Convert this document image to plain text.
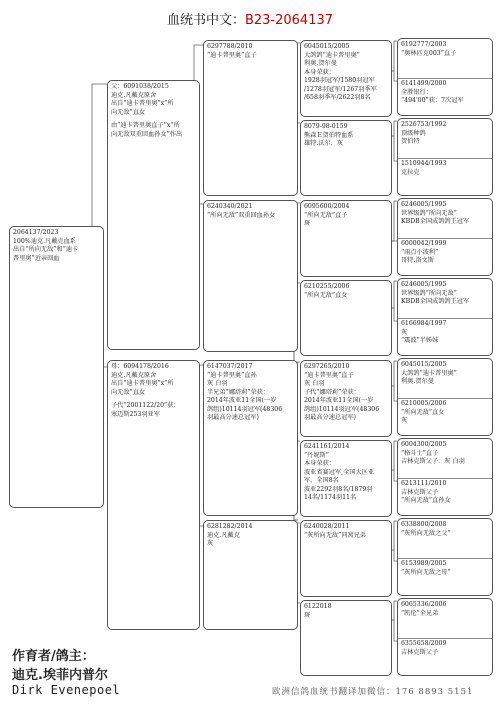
血统书中文：B23-2064137
2064137/2023
100%迪克.凡戴克血系
出自“所向无敌”和“迪卡
普里奥”近亲回血
父：6091038/2015
迪克.凡戴克原舍
出自“迪卡普里奥”x“所
向无敌”直女
由“迪卡普里奥直子”x“所
向无敌双重回血孙女”作出
母：6094178/2016
迪克.凡戴克原舍
出自“迪卡普里奥”x“所
向无敌”直女
子代“2001122/20”获：
塞迈斯253羽亚军
6297788/2010
“迪卡普里奥”直子
6240340/2021
“所向无敌”双重回血孙女
6147037/2017
“迪卡普里奥”直孙
灰 白羽
半兄弟“娜塔莉”荣获：
2014年波亚11全国(一岁
鸽组)10114羽冠军(48306
羽最高分速总冠军)
6281282/2014
迪克.凡戴克
灰
6045015/2005
大鸽鸽“迪卡普里奥”
利奥.贺尔曼
本身荣获：
1928羽冠军/1580羽冠军
/1278羽冠军/1267羽季军
/658羽季军/2622羽8名
8079-98-0159
熊森Ｅ贺伯特血系
雄特.沃尔．灰
6095600/2004
“所向无敌”直子
斑
6210255/2006
“所向无敌”直女
6297265/2010
“迪卡普里奥”直子
灰 白羽
子代“娜塔莉”荣获：
2014年波亚11全国(一岁
鸽组)10114羽冠军(48306
羽最高分速总冠军)
6241161/2014
“丹妮斯”
本身荣获：
波亚省赛冠军,全国大区亚
军，全国8名
波亚2292羽8名/1879羽
14名/1174羽11名
6240028/2011
“灰所向无敌”同窝兄弟
6122018
斑
6192777/2003
“奥林匹克003”直子
6141499/2000
全胜银行：
“494'00”获：7次冠军
2526753/1992
顶级种鸽
贺伯特
1510944/1993
克拉克
6246005/1995
世界级鸽“所向无敌”
KBDB全国成鸽鸽王冠军
6000042/1999
“雨点小波利”
哥特.洛文斯
6246005/1995
世界级鸽“所向无敌”
KBDB全国成鸽鸽王冠军
6166984/1997
灰
“震波”半姊妹
6045015/2005
大鸽鸽“迪卡普里奥”
利奥.贺尔曼
6210005/2006
“所向无敌”直女
灰
6004300/2005
“格斗士”直子
吉林克斯父子．灰 白羽
6213111/2010
吉林克斯父子
“所向无敌”直孙女
6338800/2008
“灰所向无敌之父”
6153989/2005
“灰所向无敌之母”
6065336/2006
“凯伦”全兄弟
6355658/2009
吉林克斯父子
作育者/鸽主：
迪克.埃菲内普尔
Dirk Evenepoel	欧洲信鸽血统书翻译加微信：176 8893 5151
